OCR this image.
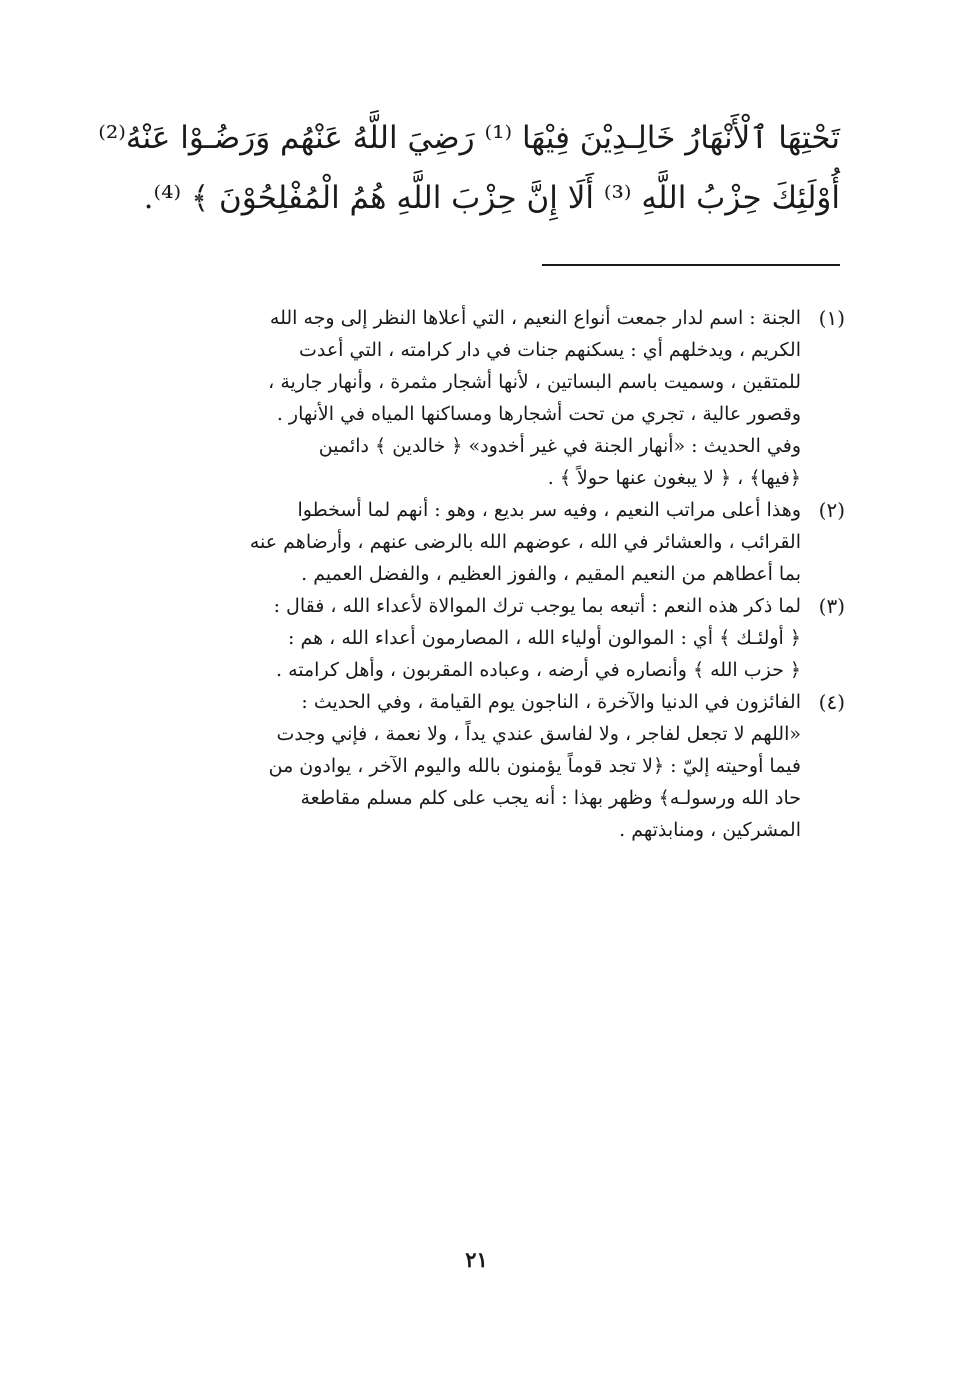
تَحْتِهَا ٱلْأَنْهَارُ خَالِـدِيْنَ فِيْهَا ⁽¹⁾ رَضِيَ اللَّهُ عَنْهُم وَرَضُـوْا عَنْهُ⁽²⁾
أُوْلَئِكَ حِزْبُ اللَّهِ ⁽³⁾ أَلَا إِنَّ حِزْبَ اللَّهِ هُمُ الْمُفْلِحُوْنَ ﴾ ⁽⁴⁾.
(١)
الجنة : اسم لدار جمعت أنواع النعيم ، التي أعلاها النظر إلى وجه الله
الكريم ، ويدخلهم أي : يسكنهم جنات في دار كرامته ، التي أعدت
للمتقين ، وسميت باسم البساتين ، لأنها أشجار مثمرة ، وأنهار جارية ،
وقصور عالية ، تجري من تحت أشجارها ومساكنها المياه في الأنهار .
وفي الحديث : «أنهار الجنة في غير أخدود» ﴿ خالدين ﴾ دائمين
﴿فيها﴾ ، ﴿ لا يبغون عنها حولاً ﴾ .
(٢)
وهذا أعلى مراتب النعيم ، وفيه سر بديع ، وهو : أنهم لما أسخطوا
القرائب ، والعشائر في الله ، عوضهم الله بالرضى عنهم ، وأرضاهم عنه
بما أعطاهم من النعيم المقيم ، والفوز العظيم ، والفضل العميم .
(٣)
لما ذكر هذه النعم : أتبعه بما يوجب ترك الموالاة لأعداء الله ، فقال :
﴿ أولئـك ﴾ أي : الموالون أولياء الله ، المصارمون أعداء الله ، هم :
﴿ حزب الله ﴾ وأنصاره في أرضه ، وعباده المقربون ، وأهل كرامته .
(٤)
الفائزون في الدنيا والآخرة ، الناجون يوم القيامة ، وفي الحديث :
«اللهم لا تجعل لفاجر ، ولا لفاسق عندي يداً ، ولا نعمة ، فإني وجدت
فيما أوحيته إليّ : ﴿لا تجد قوماً يؤمنون بالله واليوم الآخر ، يوادون من
حاد الله ورسولـه﴾ وظهر بهذا : أنه يجب على كلم مسلم مقاطعة
المشركين ، ومنابذتهم .
٢١
